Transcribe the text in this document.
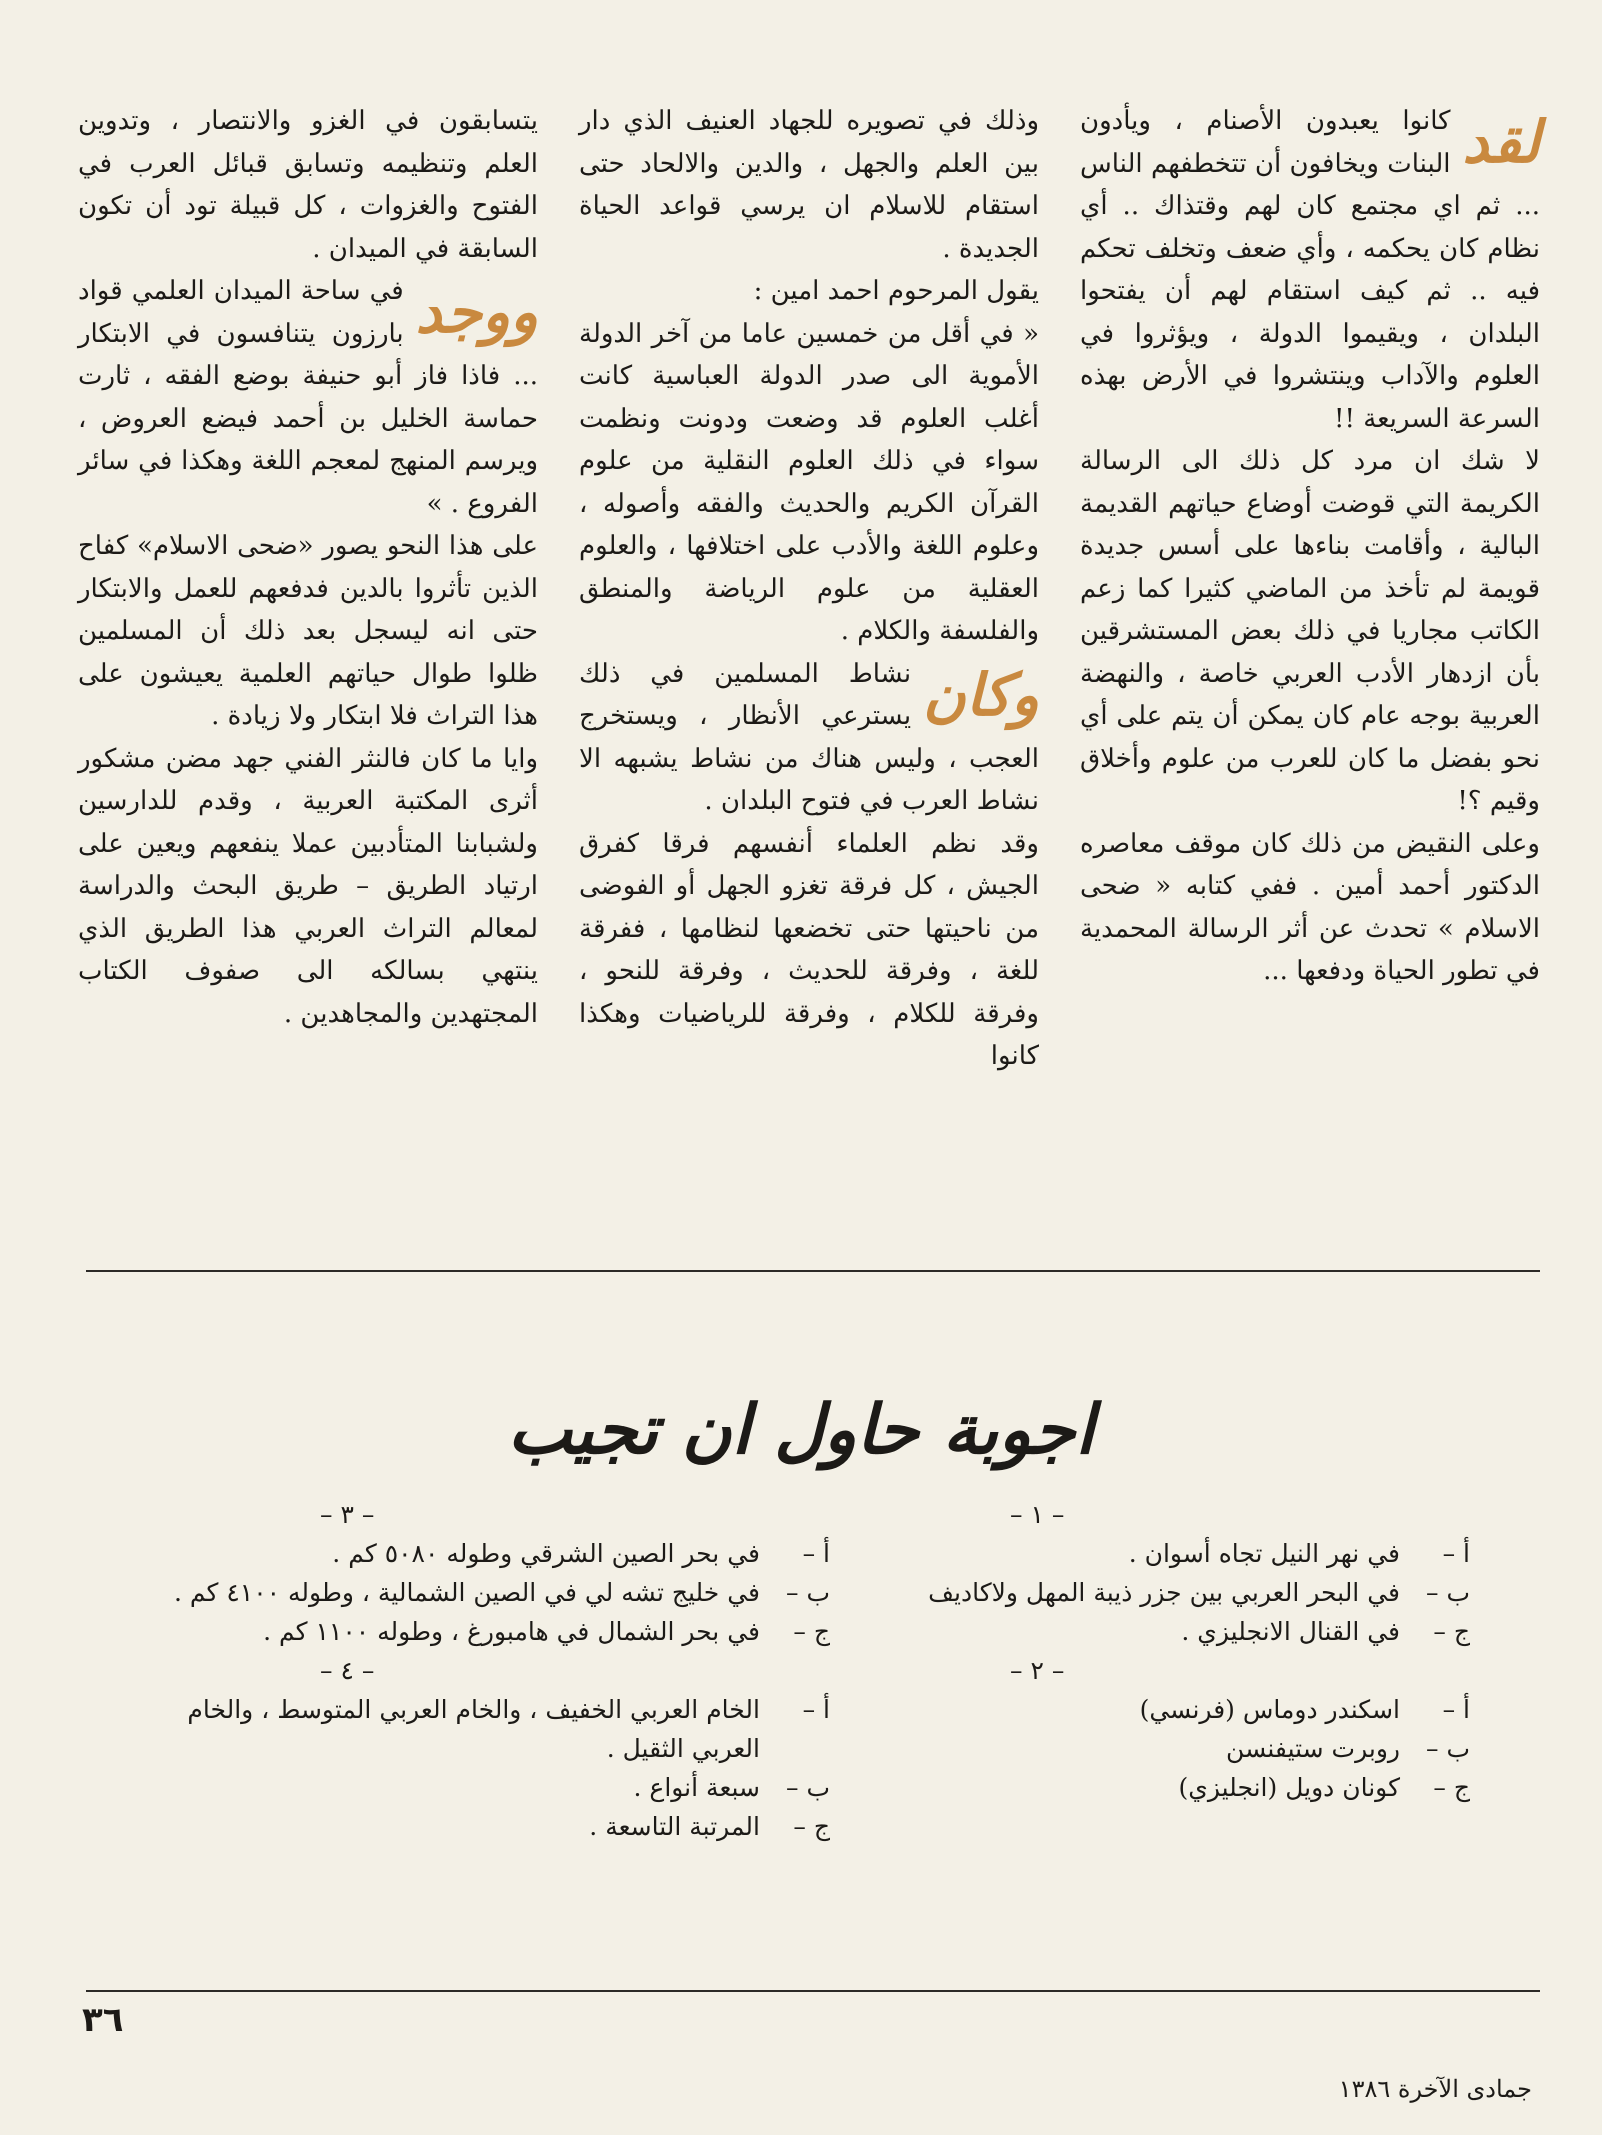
لقد

كانوا يعبدون الأصنام ، ويأدون البنات ويخافون أن تتخطفهم الناس ... ثم اي مجتمع كان لهم وقتذاك .. أي نظام كان يحكمه ، وأي ضعف وتخلف تحكم فيه .. ثم كيف استقام لهم أن يفتحوا البلدان ، ويقيموا الدولة ، ويؤثروا في العلوم والآداب وينتشروا في الأرض بهذه السرعة السريعة !!

لا شك ان مرد كل ذلك الى الرسالة الكريمة التي قوضت أوضاع حياتهم القديمة البالية ، وأقامت بناءها على أسس جديدة قويمة لم تأخذ من الماضي كثيرا كما زعم الكاتب مجاريا في ذلك بعض المستشرقين بأن ازدهار الأدب العربي خاصة ، والنهضة العربية بوجه عام كان يمكن أن يتم على أي نحو بفضل ما كان للعرب من علوم وأخلاق وقيم ؟!

وعلى النقيض من ذلك كان موقف معاصره الدكتور أحمد أمين . ففي كتابه « ضحى الاسلام » تحدث عن أثر الرسالة المحمدية في تطور الحياة ودفعها ...

وذلك في تصويره للجهاد العنيف الذي دار بين العلم والجهل ، والدين والالحاد حتى استقام للاسلام ان يرسي قواعد الحياة الجديدة .

يقول المرحوم احمد امين :

« في أقل من خمسين عاما من آخر الدولة الأموية الى صدر الدولة العباسية كانت أغلب العلوم قد وضعت ودونت ونظمت سواء في ذلك العلوم النقلية من علوم القرآن الكريم والحديث والفقه وأصوله ، وعلوم اللغة والأدب على اختلافها ، والعلوم العقلية من علوم الرياضة والمنطق والفلسفة والكلام .

وكان

نشاط المسلمين في ذلك يسترعي الأنظار ، ويستخرج العجب ، وليس هناك من نشاط يشبهه الا نشاط العرب في فتوح البلدان .

وقد نظم العلماء أنفسهم فرقا كفرق الجيش ، كل فرقة تغزو الجهل أو الفوضى من ناحيتها حتى تخضعها لنظامها ، ففرقة للغة ، وفرقة للحديث ، وفرقة للنحو ، وفرقة للكلام ، وفرقة للرياضيات وهكذا كانوا

يتسابقون في الغزو والانتصار ، وتدوين العلم وتنظيمه وتسابق قبائل العرب في الفتوح والغزوات ، كل قبيلة تود أن تكون السابقة في الميدان .

ووجد

في ساحة الميدان العلمي قواد بارزون يتنافسون في الابتكار ... فاذا فاز أبو حنيفة بوضع الفقه ، ثارت حماسة الخليل بن أحمد فيضع العروض ، ويرسم المنهج لمعجم اللغة وهكذا في سائر الفروع . »

على هذا النحو يصور «ضحى الاسلام» كفاح الذين تأثروا بالدين فدفعهم للعمل والابتكار حتى انه ليسجل بعد ذلك أن المسلمين ظلوا طوال حياتهم العلمية يعيشون على هذا التراث فلا ابتكار ولا زيادة .

وايا ما كان فالنثر الفني جهد مضن مشكور أثرى المكتبة العربية ، وقدم للدارسين ولشبابنا المتأدبين عملا ينفعهم ويعين على ارتياد الطريق – طريق البحث والدراسة لمعالم التراث العربي هذا الطريق الذي ينتهي بسالكه الى صفوف الكتاب المجتهدين والمجاهدين .

اجوبة حاول ان تجيب

– ١ –

أ –
في نهر النيل تجاه أسوان .

ب –
في البحر العربي بين جزر ذيبة المهل ولاكاديف

ج –
في القنال الانجليزي .

– ٢ –

أ –
اسكندر دوماس (فرنسي)

ب –
روبرت ستيفنسن

ج –
كونان دويل (انجليزي)

– ٣ –

أ –
في بحر الصين الشرقي وطوله ٥٠٨٠ كم .

ب –
في خليج تشه لي في الصين الشمالية ، وطوله ٤١٠٠ كم .

ج –
في بحر الشمال في هامبورغ ، وطوله ١١٠٠ كم .

– ٤ –

أ –
الخام العربي الخفيف ، والخام العربي المتوسط ، والخام العربي الثقيل .

ب –
سبعة أنواع .

ج –
المرتبة التاسعة .

٣٦
جمادى الآخرة ١٣٨٦
